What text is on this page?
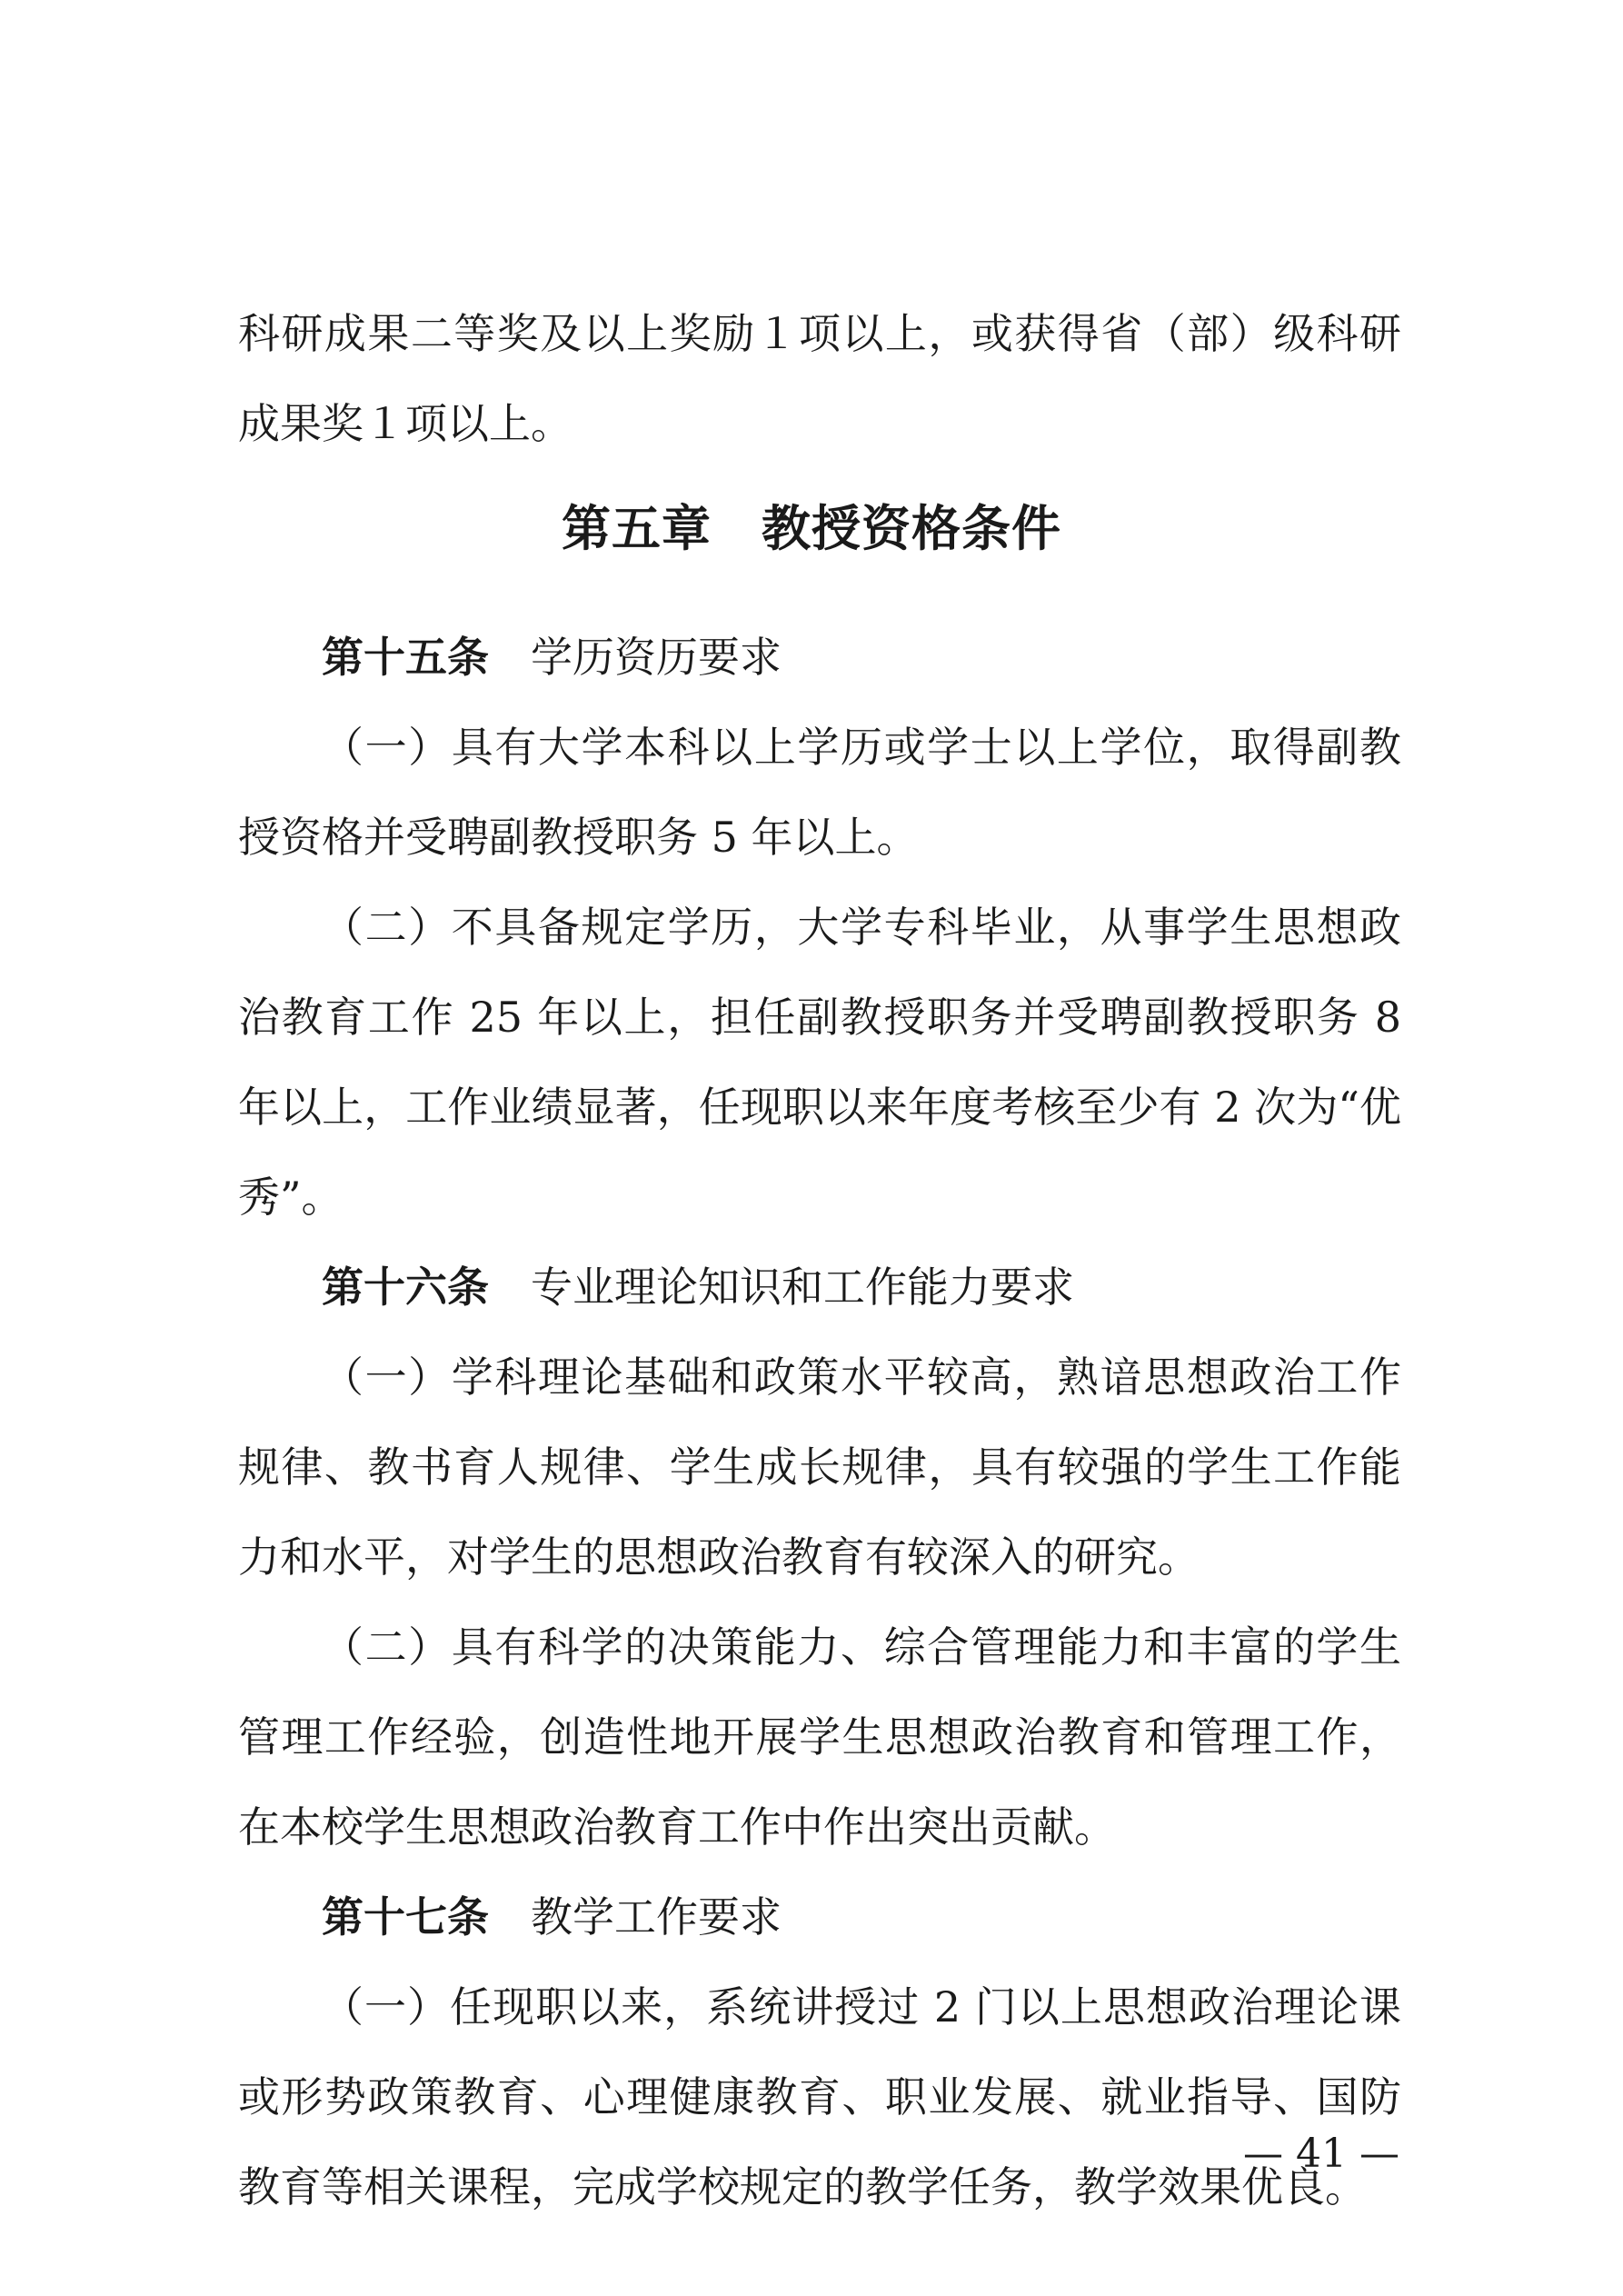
科研成果二等奖及以上奖励１项以上，或获得省（部）级科研成果奖１项以上。

第五章　教授资格条件

第十五条 学历资历要求

（一）具有大学本科以上学历或学士以上学位，取得副教授资格并受聘副教授职务 5 年以上。

（二）不具备规定学历，大学专科毕业，从事学生思想政治教育工作 25 年以上，担任副教授职务并受聘副教授职务 8 年以上，工作业绩显著，任现职以来年度考核至少有 2 次为“优秀”。

第十六条 专业理论知识和工作能力要求

（一）学科理论基础和政策水平较高，熟谙思想政治工作规律、教书育人规律、学生成长规律，具有较强的学生工作能力和水平，对学生的思想政治教育有较深入的研究。

（二）具有科学的决策能力、综合管理能力和丰富的学生管理工作经验，创造性地开展学生思想政治教育和管理工作，在本校学生思想政治教育工作中作出突出贡献。

第十七条 教学工作要求

（一）任现职以来，系统讲授过 2 门以上思想政治理论课或形势政策教育、心理健康教育、职业发展、就业指导、国防教育等相关课程，完成学校规定的教学任务，教学效果优良。

— 41 —
